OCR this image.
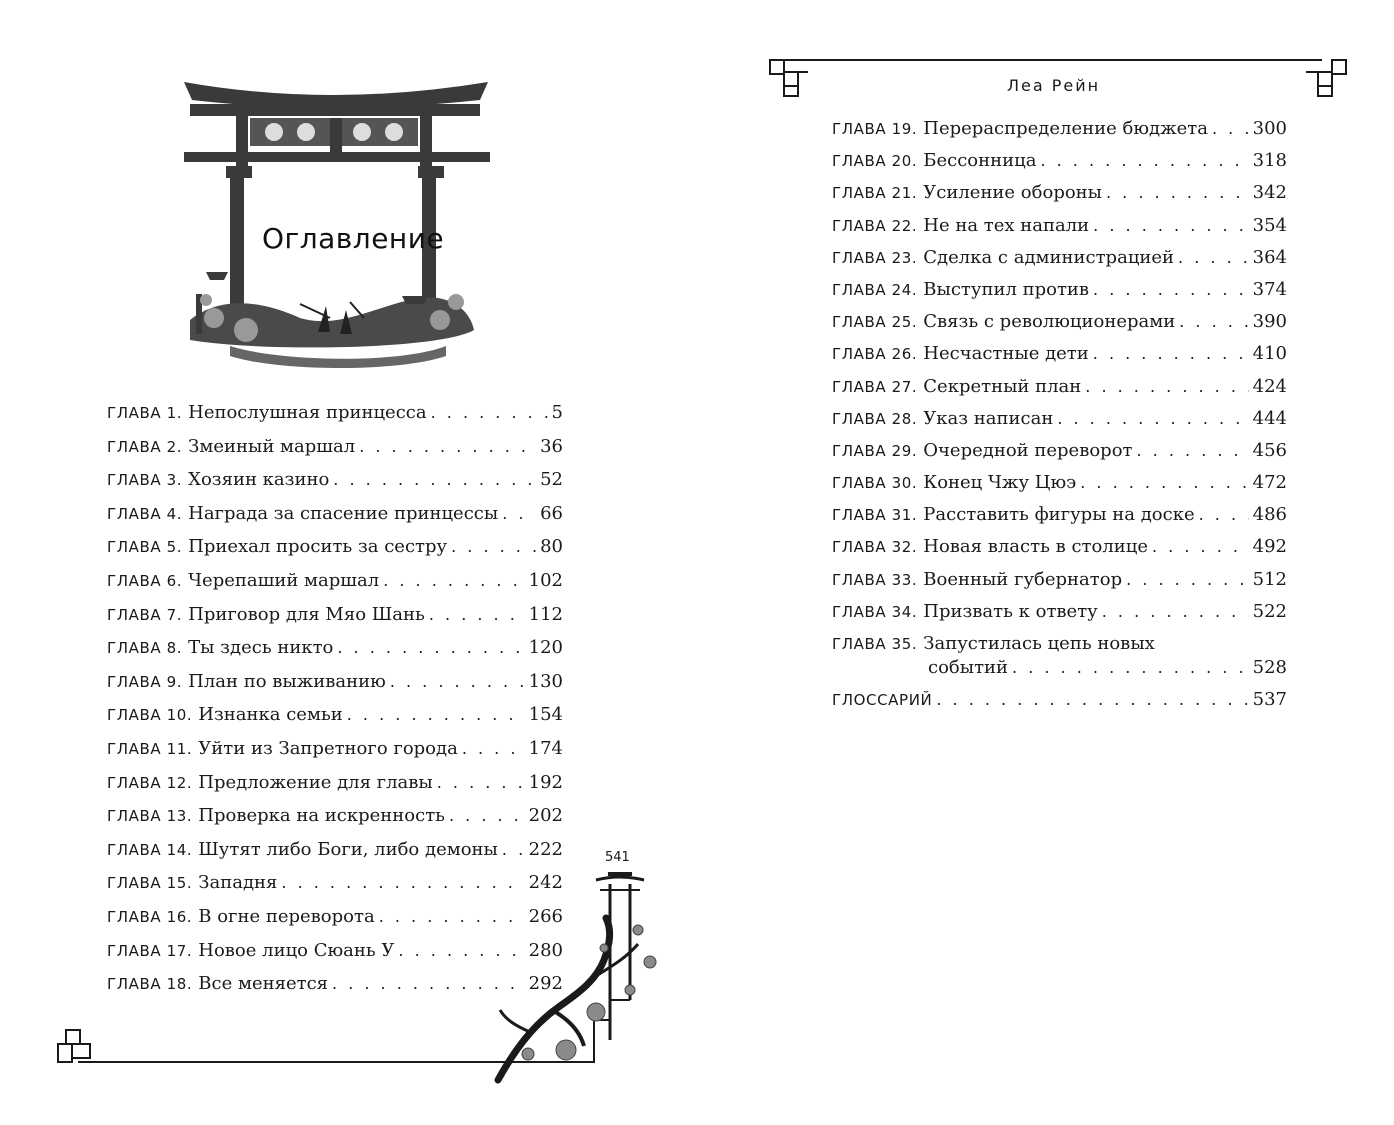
Оглавление
ГЛАВА 1. Непослушная принцесса . . .	5
ГЛАВА 2. Змеиный маршал . . .	36
ГЛАВА 3. Хозяин казино . . .	52
ГЛАВА 4. Награда за спасение принцессы . . . 66
ГЛАВА 5. Приехал просить за сестру . . .	80
ГЛАВА 6. Черепаший маршал . . .	102
ГЛАВА 7. Приговор для Мяо Шань . . .	112
ГЛАВА 8. Ты здесь никто . . .	120
ГЛАВА 9. План по выживанию . . .	130
ГЛАВА 10. Изнанка семьи . . .	154
ГЛАВА 11. Уйти из Запретного города . . .	174
ГЛАВА 12. Предложение для главы . . .	192
ГЛАВА 13. Проверка на искренность . . .	202
ГЛАВА 14. Шутят либо Боги, либо демоны . . . 222
ГЛАВА 15. Западня . . .	242
ГЛАВА 16. В огне переворота . . .	266
ГЛАВА 17. Новое лицо Сюань У . . .	280
ГЛАВА 18. Все меняется . . .	292
541
Леа Рейн
ГЛАВА 19. Перераспределение бюджета . . . 300
ГЛАВА 20. Бессонница . . .	318
ГЛАВА 21. Усиление обороны . . .	342
ГЛАВА 22. Не на тех напали . . .	354
ГЛАВА 23. Сделка с администрацией . . .	364
ГЛАВА 24. Выступил против . . .	374
ГЛАВА 25. Связь с революционерами . . .	390
ГЛАВА 26. Несчастные дети . . .	410
ГЛАВА 27. Секретный план . . .	424
ГЛАВА 28. Указ написан . . .	444
ГЛАВА 29. Очередной переворот . . .	456
ГЛАВА 30. Конец Чжу Цюэ . . .	472
ГЛАВА 31. Расставить фигуры на доске . . .	486
ГЛАВА 32. Новая власть в столице . . .	492
ГЛАВА 33. Военный губернатор . . .	512
ГЛАВА 34. Призвать к ответу . . .	522
ГЛАВА 35. Запустилась цепь новых
событий . . .	528
ГЛОССАРИЙ . . .	537
